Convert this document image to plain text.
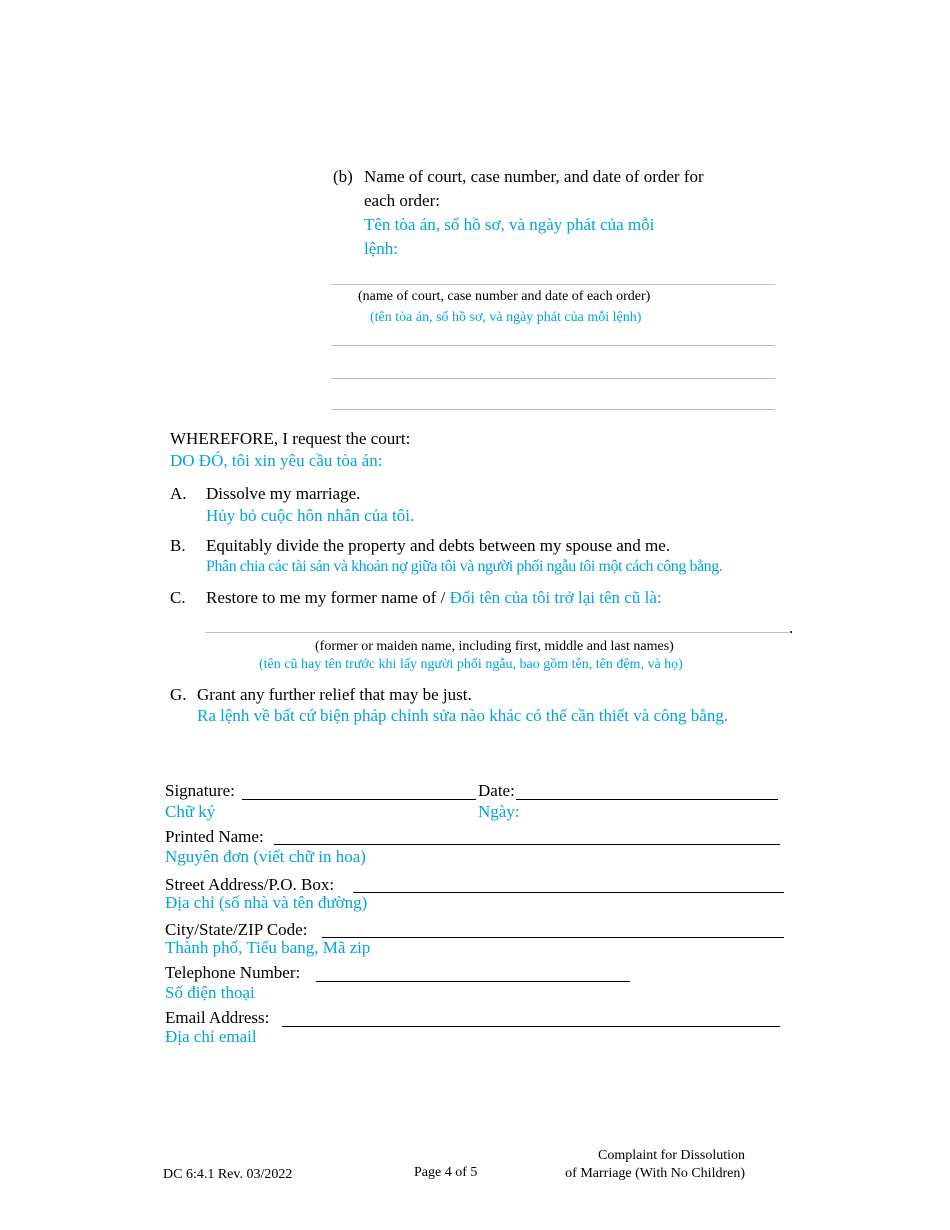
(b) Name of court, case number, and date of order for
each order:
Tên tòa án, số hồ sơ, và ngày phát của mỗi
lệnh:
(name of court, case number and date of each order)
(tên tòa án, số hồ sơ, và ngày phát của mỗi lệnh)
WHEREFORE, I request the court:
DO ĐÓ, tôi xin yêu cầu tòa án:
A. Dissolve my marriage.
Hủy bỏ cuộc hôn nhân của tôi.
B. Equitably divide the property and debts between my spouse and me.
Phân chia các tài sản và khoản nợ giữa tôi và người phối ngẫu tôi một cách công bằng.
C. Restore to me my former name of / Đổi tên của tôi trở lại tên cũ là:
.
(former or maiden name, including first, middle and last names)
(tên cũ hay tên trước khi lấy người phối ngẫu, bao gồm tên, tên đệm, và họ)
G. Grant any further relief that may be just.
Ra lệnh về bất cứ biện pháp chỉnh sửa nào khác có thể cần thiết và công bằng.
Signature:
Chữ ký
Date:
Ngày:
Printed Name:
Nguyên đơn (viết chữ in hoa)
Street Address/P.O. Box:
Địa chỉ (số nhà và tên đường)
City/State/ZIP Code:
Thành phố, Tiểu bang, Mã zip
Telephone Number:
Số điện thoại
Email Address:
Địa chỉ email
DC 6:4.1 Rev. 03/2022	Page 4 of 5
Complaint for Dissolution
of Marriage (With No Children)
